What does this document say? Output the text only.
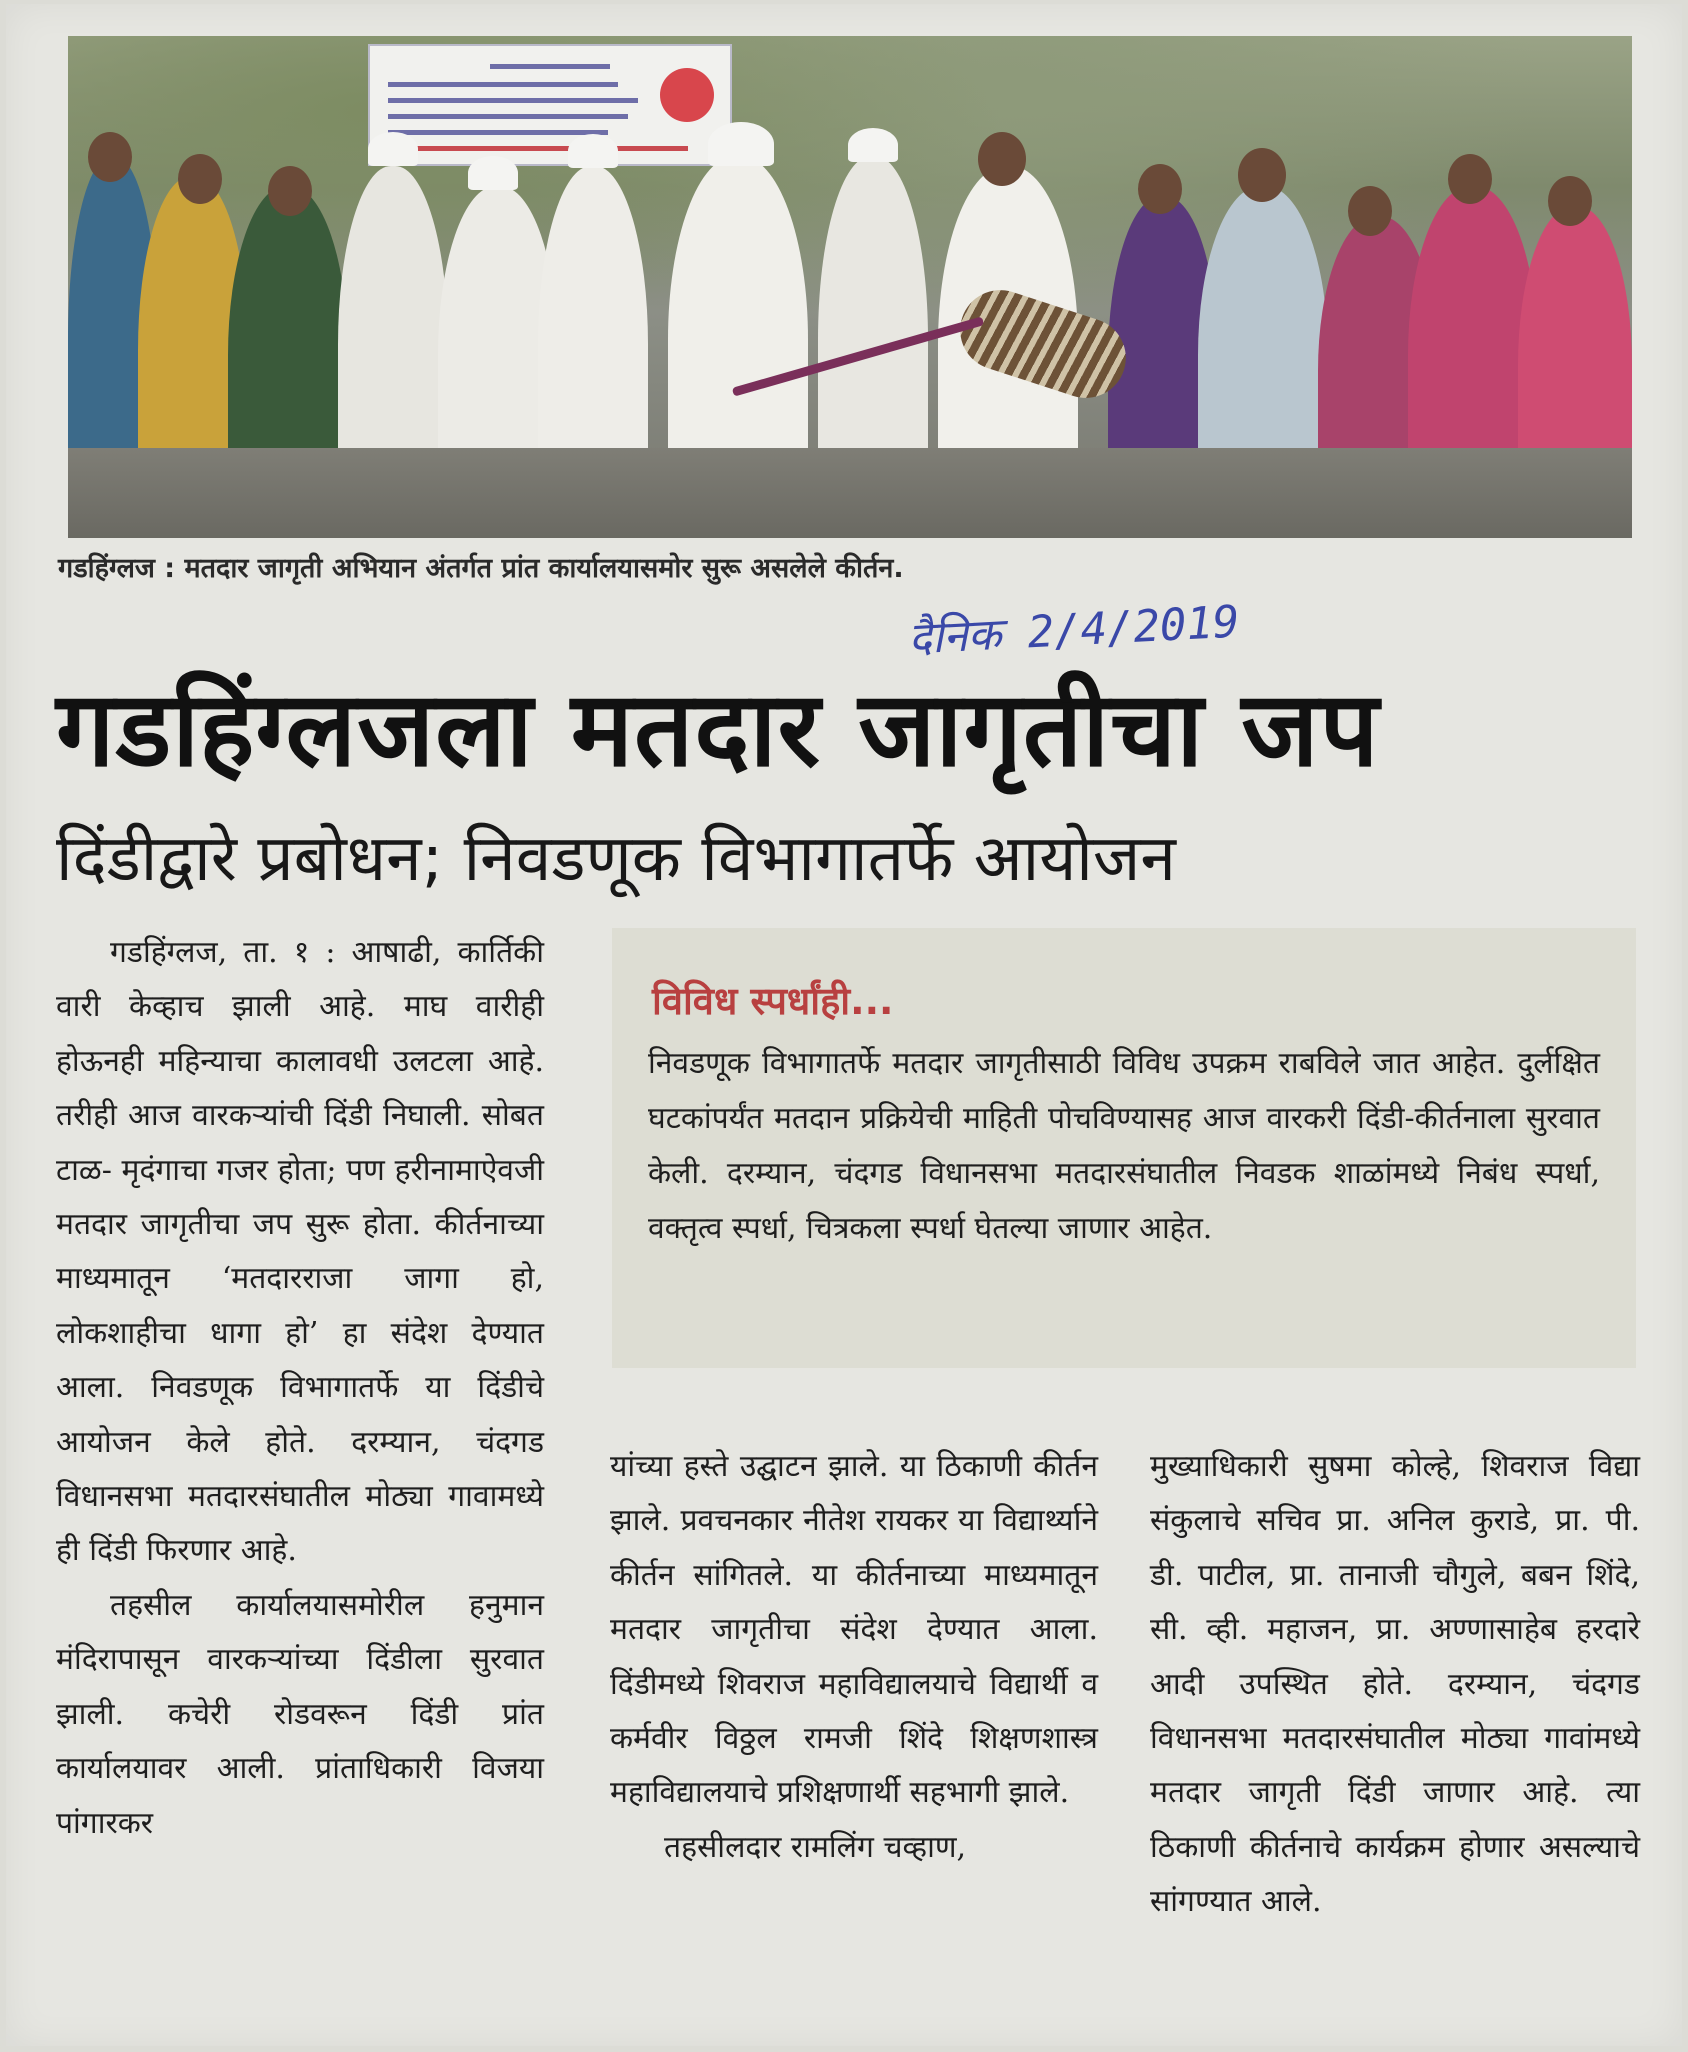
गडहिंग्लज : मतदार जागृती अभियान अंतर्गत प्रांत कार्यालयासमोर सुरू असलेले कीर्तन.
दैनिक 2/4/2019
गडहिंग्लजला मतदार जागृतीचा जप
दिंडीद्वारे प्रबोधन; निवडणूक विभागातर्फे आयोजन

गडहिंग्लज, ता. १ : आषाढी, कार्तिकी वारी केव्हाच झाली आहे. माघ वारीही होऊनही महिन्याचा कालावधी उलटला आहे. तरीही आज वारकऱ्यांची दिंडी निघाली. सोबत टाळ- मृदंगाचा गजर होता; पण हरीनामाऐवजी मतदार जागृतीचा जप सुरू होता. कीर्तनाच्या माध्यमातून ‘मतदारराजा जागा हो, लोकशाहीचा धागा हो’ हा संदेश देण्यात आला. निवडणूक विभागातर्फे या दिंडीचे आयोजन केले होते. दरम्यान, चंदगड विधानसभा मतदारसंघातील मोठ्या गावामध्ये ही दिंडी फिरणार आहे.

तहसील कार्यालयासमोरील हनुमान मंदिरापासून वारकऱ्यांच्या दिंडीला सुरवात झाली. कचेरी रोडवरून दिंडी प्रांत कार्यालयावर आली. प्रांताधिकारी विजया पांगारकर

विविध स्पर्धांही...
निवडणूक विभागातर्फे मतदार जागृतीसाठी विविध उपक्रम राबविले जात आहेत. दुर्लक्षित घटकांपर्यंत मतदान प्रक्रियेची माहिती पोचविण्यासह आज वारकरी दिंडी-कीर्तनाला सुरवात केली. दरम्यान, चंदगड विधानसभा मतदारसंघातील निवडक शाळांमध्ये निबंध स्पर्धा, वक्तृत्व स्पर्धा, चित्रकला स्पर्धा घेतल्या जाणार आहेत.

यांच्या हस्ते उद्घाटन झाले. या ठिकाणी कीर्तन झाले. प्रवचनकार नीतेश रायकर या विद्यार्थ्याने कीर्तन सांगितले. या कीर्तनाच्या माध्यमातून मतदार जागृतीचा संदेश देण्यात आला. दिंडीमध्ये शिवराज महाविद्यालयाचे विद्यार्थी व कर्मवीर विठ्ठल रामजी शिंदे शिक्षणशास्त्र महाविद्यालयाचे प्रशिक्षणार्थी सहभागी झाले.

तहसीलदार रामलिंग चव्हाण,

मुख्याधिकारी सुषमा कोल्हे, शिवराज विद्या संकुलाचे सचिव प्रा. अनिल कुराडे, प्रा. पी. डी. पाटील, प्रा. तानाजी चौगुले, बबन शिंदे, सी. व्ही. महाजन, प्रा. अण्णासाहेब हरदारे आदी उपस्थित होते. दरम्यान, चंदगड विधानसभा मतदारसंघातील मोठ्या गावांमध्ये मतदार जागृती दिंडी जाणार आहे. त्या ठिकाणी कीर्तनाचे कार्यक्रम होणार असल्याचे सांगण्यात आले.
